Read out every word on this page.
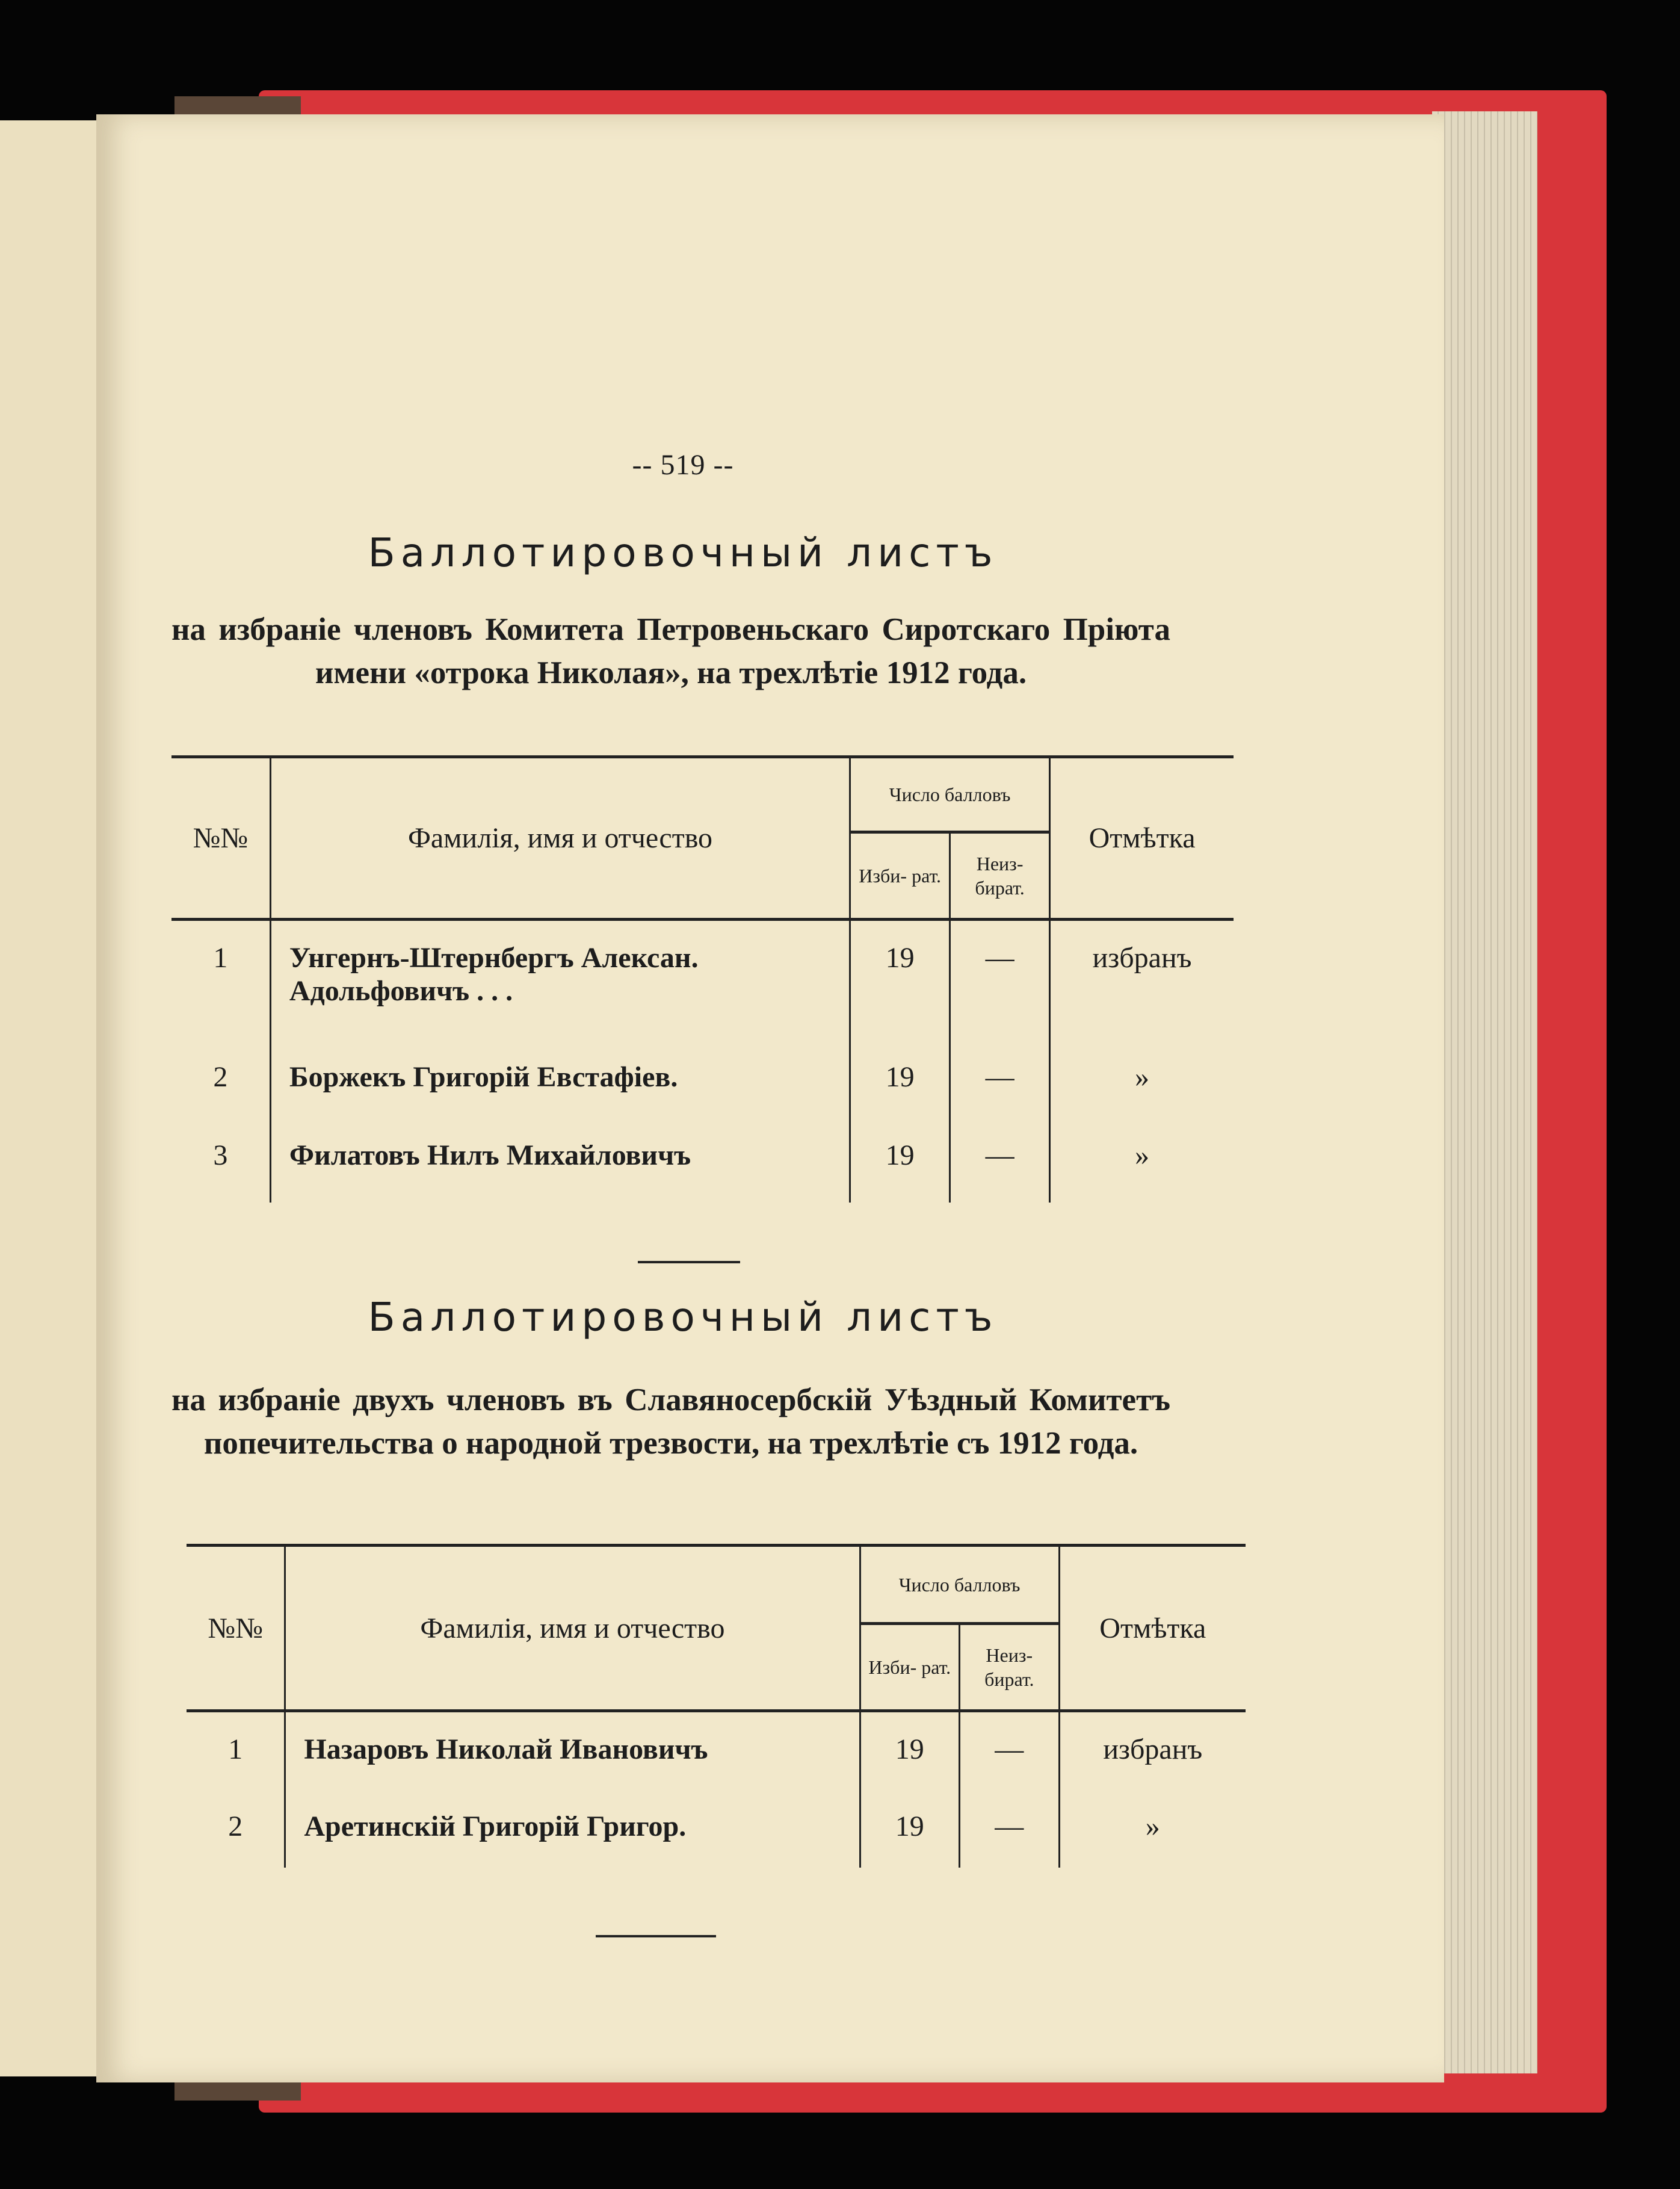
-- 519 --
Баллотировочный листъ
на избраніе членовъ Комитета Петровеньскаго Сиротскаго Пріюта имени «отрока Николая», на трехлѣтіе 1912 года.
№№	Фамилія, имя и отчество	Число балловъ		Отмѣтка
		Изби- рат.	Неиз- бират.	
1	Унгернъ-Штернбергъ Алексан. Адольфовичъ . . .	19	—	избранъ
2	Боржекъ Григорій Евстафіев.	19	—	»
3	Филатовъ Нилъ Михайловичъ	19	—	»
Баллотировочный листъ
на избраніе двухъ членовъ въ Славяносербскій Уѣздный Комитетъ попечительства о народной трезвости, на трехлѣтіе съ 1912 года.
№№	Фамилія, имя и отчество	Число балловъ		Отмѣтка
		Изби- рат.	Неиз- бират.	
1	Назаровъ Николай Ивановичъ	19	—	избранъ
2	Аретинскій Григорій Григор.	19	—	»
